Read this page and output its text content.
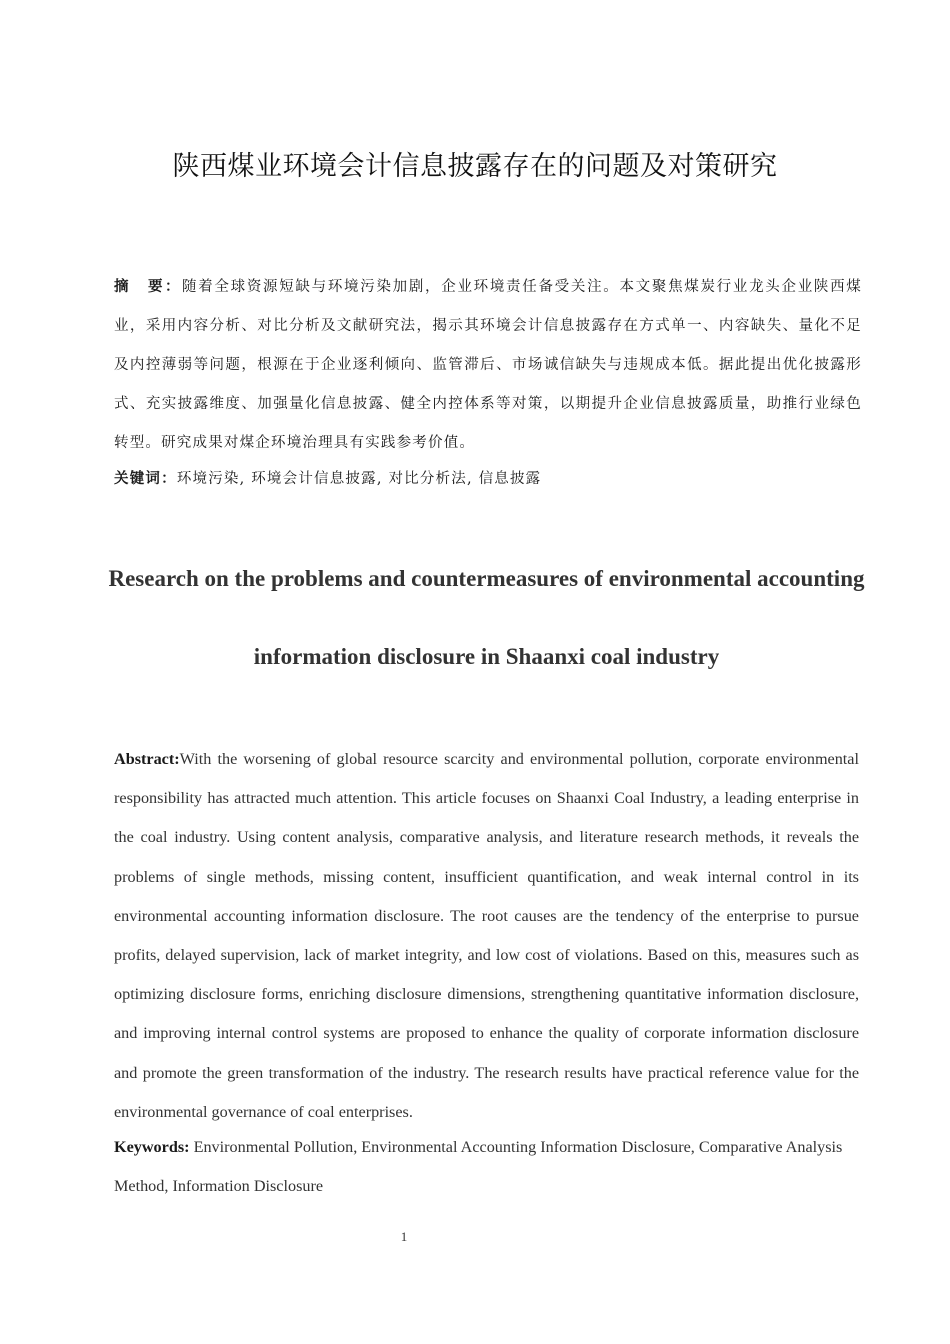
陕西煤业环境会计信息披露存在的问题及对策研究
摘　要：随着全球资源短缺与环境污染加剧，企业环境责任备受关注。本文聚焦煤炭行业龙头企业陕西煤业，采用内容分析、对比分析及文献研究法，揭示其环境会计信息披露存在方式单一、内容缺失、量化不足及内控薄弱等问题，根源在于企业逐利倾向、监管滞后、市场诚信缺失与违规成本低。据此提出优化披露形式、充实披露维度、加强量化信息披露、健全内控体系等对策，以期提升企业信息披露质量，助推行业绿色转型。研究成果对煤企环境治理具有实践参考价值。
关键词：环境污染, 环境会计信息披露, 对比分析法, 信息披露
Research on the problems and countermeasures of environmental accounting information disclosure in Shaanxi coal industry
Abstract:With the worsening of global resource scarcity and environmental pollution, corporate environmental responsibility has attracted much attention. This article focuses on Shaanxi Coal Industry, a leading enterprise in the coal industry. Using content analysis, comparative analysis, and literature research methods, it reveals the problems of single methods, missing content, insufficient quantification, and weak internal control in its environmental accounting information disclosure. The root causes are the tendency of the enterprise to pursue profits, delayed supervision, lack of market integrity, and low cost of violations. Based on this, measures such as optimizing disclosure forms, enriching disclosure dimensions, strengthening quantitative information disclosure, and improving internal control systems are proposed to enhance the quality of corporate information disclosure and promote the green transformation of the industry. The research results have practical reference value for the environmental governance of coal enterprises.
Keywords: Environmental Pollution, Environmental Accounting Information Disclosure, Comparative Analysis Method, Information Disclosure
1
